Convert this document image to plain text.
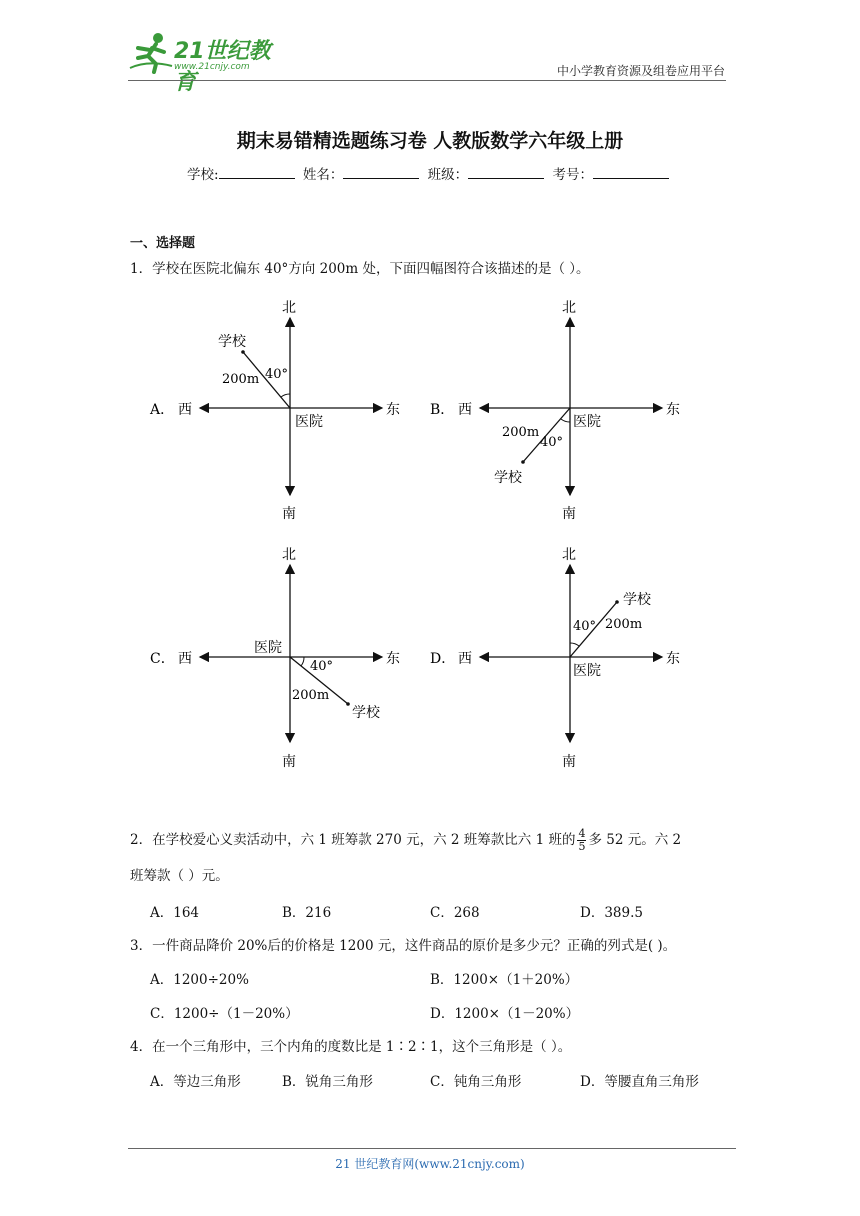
21世纪教育
www.21cnjy.com	中小学教育资源及组卷应用平台
期末易错精选题练习卷 人教版数学六年级上册
学校:	姓名：	班级：	考号：
一、选择题
1．学校在医院北偏东 40°方向 200m 处，下面四幅图符合该描述的是（ ）。
A．
北
南
东
西
医院
学校
40°
200m
B．
北
南
东
西
医院
学校
40°
200m
C．
北
南
东
西
医院
学校
40°
200m
D．
北
南
东
西
医院
学校
40° 200m
2．在学校爱心义卖活动中，六 1 班筹款 270 元，六 2 班筹款比六 1 班的 $\frac{4}{5}$ 多 52 元。六 2
班筹款（ ）元。
A．164	B．216	C．268	D．389.5
3．一件商品降价 20%后的价格是 1200 元，这件商品的原价是多少元？正确的列式是( )。
A．1200÷20%	B．1200×（1＋20%）
C．1200÷（1－20%）	D．1200×（1－20%）
4．在一个三角形中，三个内角的度数比是 1∶2∶1，这个三角形是（ ）。
A．等边三角形	B．锐角三角形	C．钝角三角形	D．等腰直角三角形
21 世纪教育网(www.21cnjy.com)
